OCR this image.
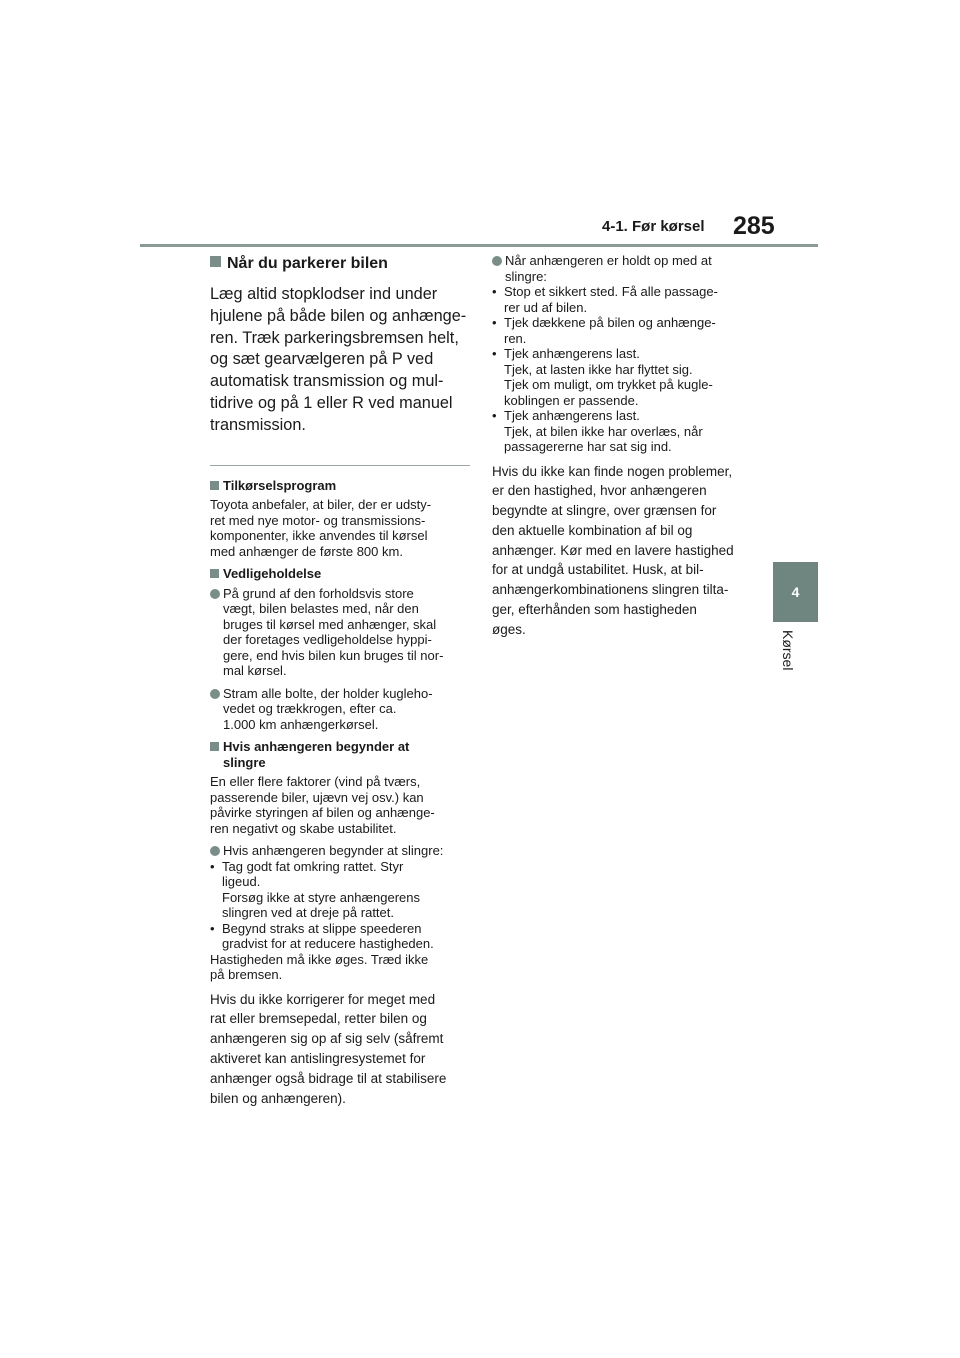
4-1. Før kørsel 285
4
Kørsel
Når du parkerer bilen
Læg altid stopklodser ind under
hjulene på både bilen og anhænge-
ren. Træk parkeringsbremsen helt,
og sæt gearvælgeren på P ved
automatisk transmission og mul-
tidrive og på 1 eller R ved manuel
transmission.
Tilkørselsprogram
Toyota anbefaler, at biler, der er udsty-
ret med nye motor- og transmissions-
komponenter, ikke anvendes til kørsel
med anhænger de første 800 km.
Vedligeholdelse
På grund af den forholdsvis store
vægt, bilen belastes med, når den
bruges til kørsel med anhænger, skal
der foretages vedligeholdelse hyppi-
gere, end hvis bilen kun bruges til nor-
mal kørsel.
Stram alle bolte, der holder kugleho-
vedet og trækkrogen, efter ca.
1.000 km anhængerkørsel.
Hvis anhængeren begynder at
slingre
En eller flere faktorer (vind på tværs,
passerende biler, ujævn vej osv.) kan
påvirke styringen af bilen og anhænge-
ren negativt og skabe ustabilitet.
Hvis anhængeren begynder at slingre:
• Tag godt fat omkring rattet. Styr
ligeud.
Forsøg ikke at styre anhængerens
slingren ved at dreje på rattet.
• Begynd straks at slippe speederen
gradvist for at reducere hastigheden.
Hastigheden må ikke øges. Træd ikke
på bremsen.
Hvis du ikke korrigerer for meget med
rat eller bremsepedal, retter bilen og
anhængeren sig op af sig selv (såfremt
aktiveret kan antislingresystemet for
anhænger også bidrage til at stabilisere
bilen og anhængeren).
Når anhængeren er holdt op med at
slingre:
• Stop et sikkert sted. Få alle passage-
rer ud af bilen.
• Tjek dækkene på bilen og anhænge-
ren.
• Tjek anhængerens last.
Tjek, at lasten ikke har flyttet sig.
Tjek om muligt, om trykket på kugle-
koblingen er passende.
• Tjek anhængerens last.
Tjek, at bilen ikke har overlæs, når
passagererne har sat sig ind.
Hvis du ikke kan finde nogen problemer,
er den hastighed, hvor anhængeren
begyndte at slingre, over grænsen for
den aktuelle kombination af bil og
anhænger. Kør med en lavere hastighed
for at undgå ustabilitet. Husk, at bil-
anhængerkombinationens slingren tilta-
ger, efterhånden som hastigheden
øges.
